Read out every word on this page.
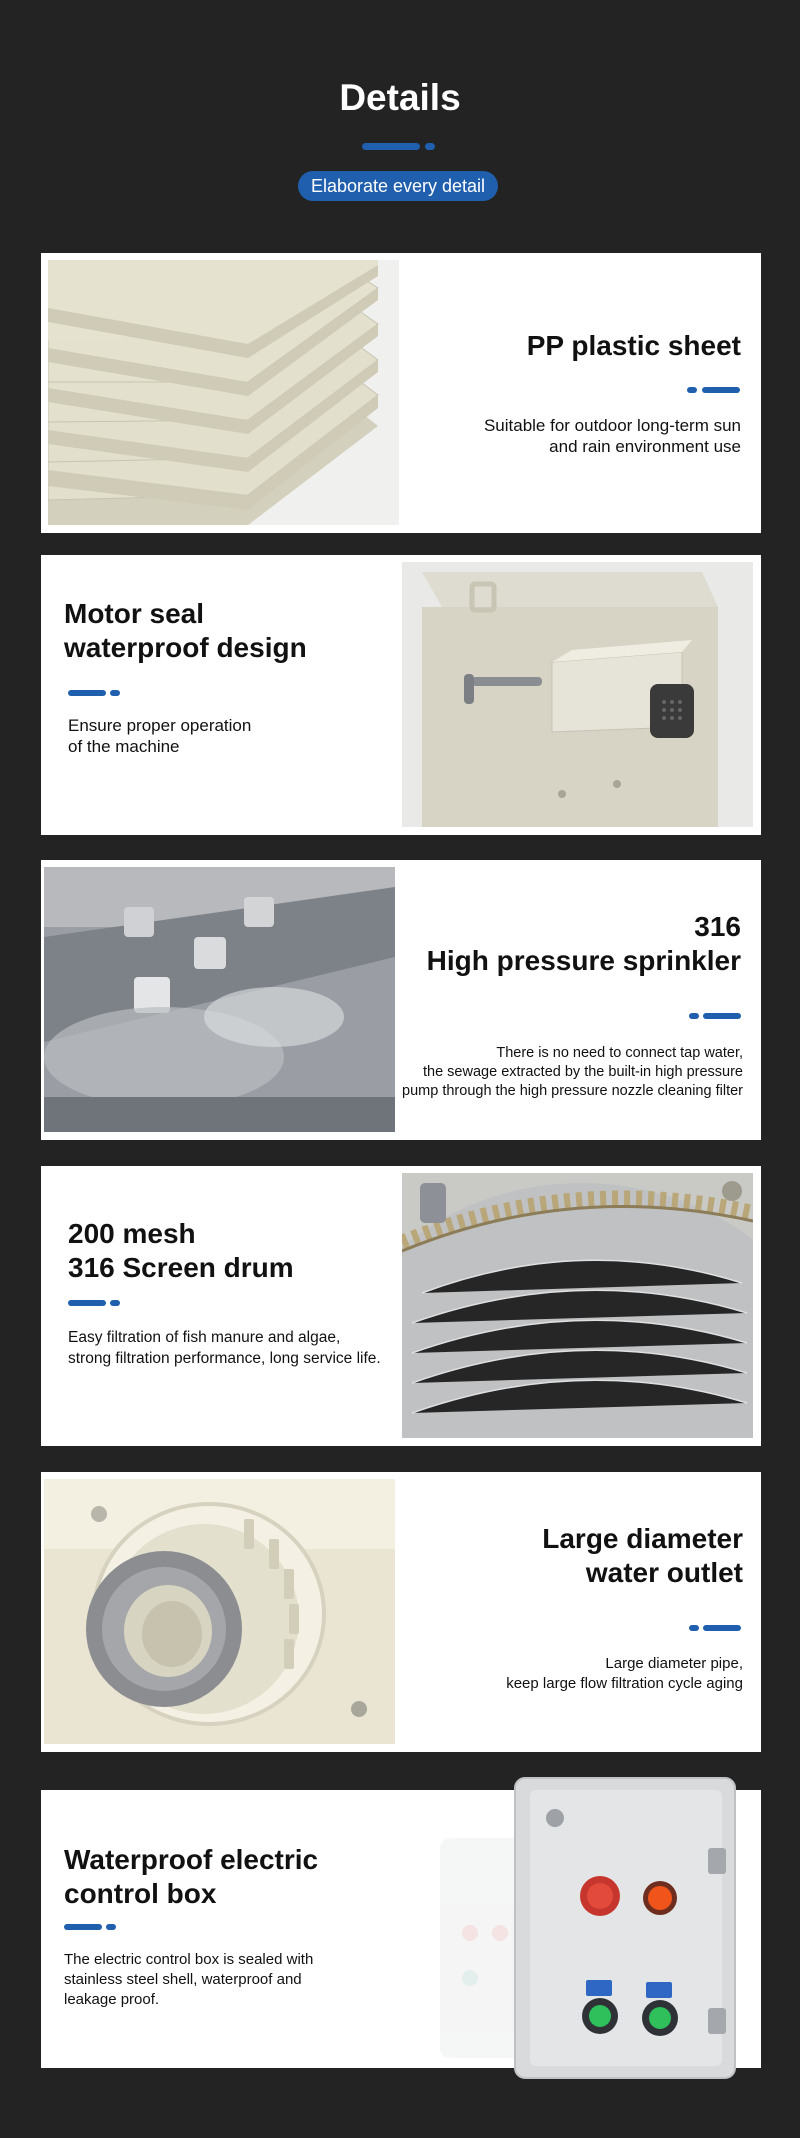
Details
Elaborate every detail
PP plastic sheet
Suitable for outdoor long-term sun
and rain environment use
Motor seal
waterproof design
Ensure proper operation
of the machine
316
High pressure sprinkler
There is no need to connect tap water,
the sewage extracted by the built-in high pressure
pump through the high pressure nozzle cleaning filter
200 mesh
316 Screen drum
Easy filtration of fish manure and algae,
strong filtration performance, long service life.
Large diameter
water outlet
Large diameter pipe,
keep large flow filtration cycle aging
Waterproof electric
control box
The electric control box is sealed with
stainless steel shell, waterproof and
leakage proof.
